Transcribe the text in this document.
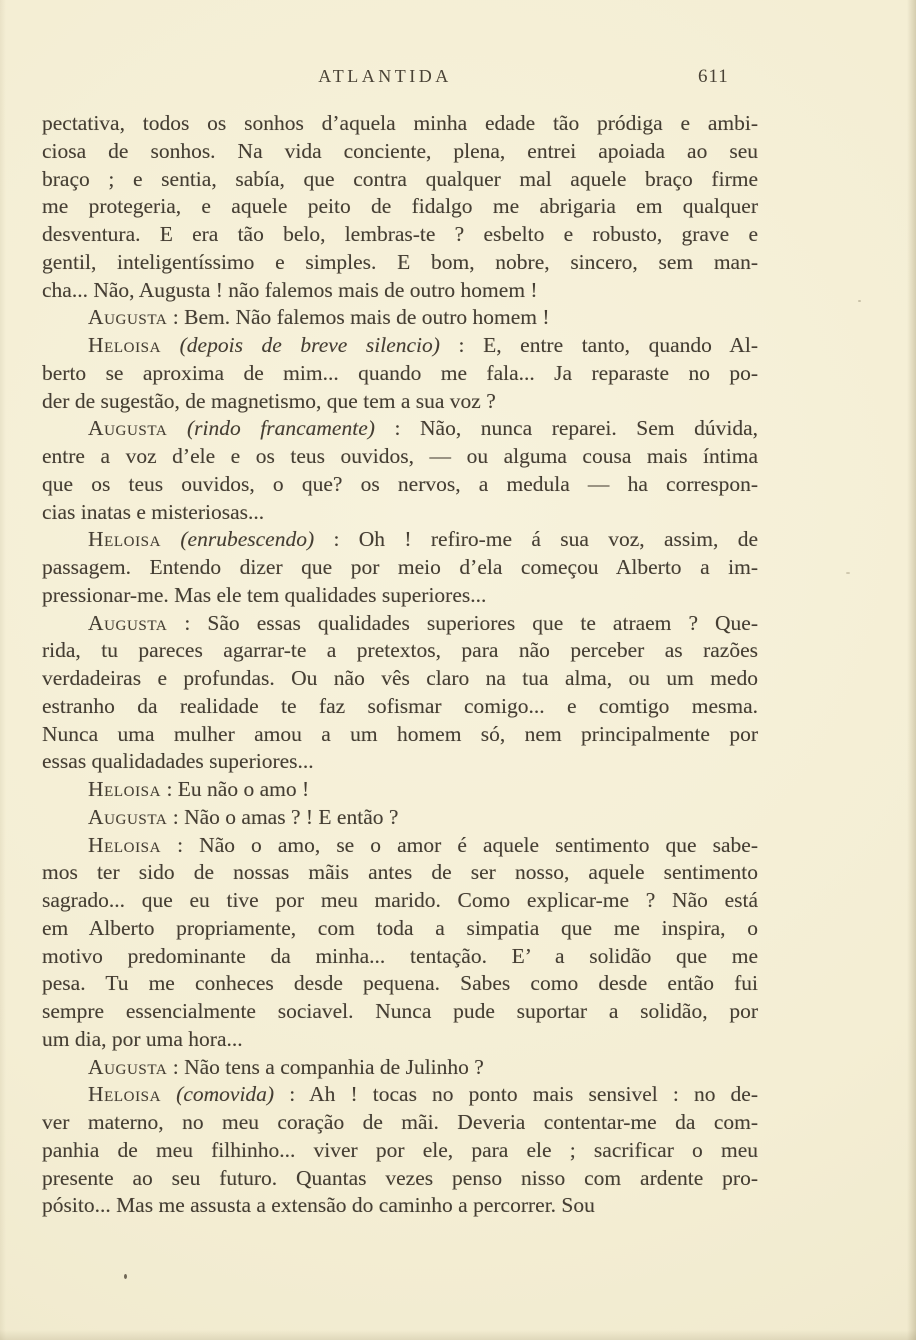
ATLANTIDA	611
pectativa, todos os sonhos d’aquela minha edade tão pródiga e ambi-
ciosa de sonhos. Na vida conciente, plena, entrei apoiada ao seu
braço ; e sentia, sabía, que contra qualquer mal aquele braço firme
me protegeria, e aquele peito de fidalgo me abrigaria em qualquer
desventura. E era tão belo, lembras-te ? esbelto e robusto, grave e
gentil, inteligentíssimo e simples. E bom, nobre, sincero, sem man-
cha... Não, Augusta ! não falemos mais de outro homem !
Augusta : Bem. Não falemos mais de outro homem !
Heloisa (depois de breve silencio) : E, entre tanto, quando Al-
berto se aproxima de mim... quando me fala... Ja reparaste no po-
der de sugestão, de magnetismo, que tem a sua voz ?
Augusta (rindo francamente) : Não, nunca reparei. Sem dúvida,
entre a voz d’ele e os teus ouvidos, — ou alguma cousa mais íntima
que os teus ouvidos, o que? os nervos, a medula — ha correspon-
cias inatas e misteriosas...
Heloisa (enrubescendo) : Oh ! refiro-me á sua voz, assim, de
passagem. Entendo dizer que por meio d’ela começou Alberto a im-
pressionar-me. Mas ele tem qualidades superiores...
Augusta : São essas qualidades superiores que te atraem ? Que-
rida, tu pareces agarrar-te a pretextos, para não perceber as razões
verdadeiras e profundas. Ou não vês claro na tua alma, ou um medo
estranho da realidade te faz sofismar comigo... e comtigo mesma.
Nunca uma mulher amou a um homem só, nem principalmente por
essas qualidadades superiores...
Heloisa : Eu não o amo !
Augusta : Não o amas ? ! E então ?
Heloisa : Não o amo, se o amor é aquele sentimento que sabe-
mos ter sido de nossas mãis antes de ser nosso, aquele sentimento
sagrado... que eu tive por meu marido. Como explicar-me ? Não está
em Alberto propriamente, com toda a simpatia que me inspira, o
motivo predominante da minha... tentação. E’ a solidão que me
pesa. Tu me conheces desde pequena. Sabes como desde então fui
sempre essencialmente sociavel. Nunca pude suportar a solidão, por
um dia, por uma hora...
Augusta : Não tens a companhia de Julinho ?
Heloisa (comovida) : Ah ! tocas no ponto mais sensivel : no de-
ver materno, no meu coração de mãi. Deveria contentar-me da com-
panhia de meu filhinho... viver por ele, para ele ; sacrificar o meu
presente ao seu futuro. Quantas vezes penso nisso com ardente pro-
pósito... Mas me assusta a extensão do caminho a percorrer. Sou
